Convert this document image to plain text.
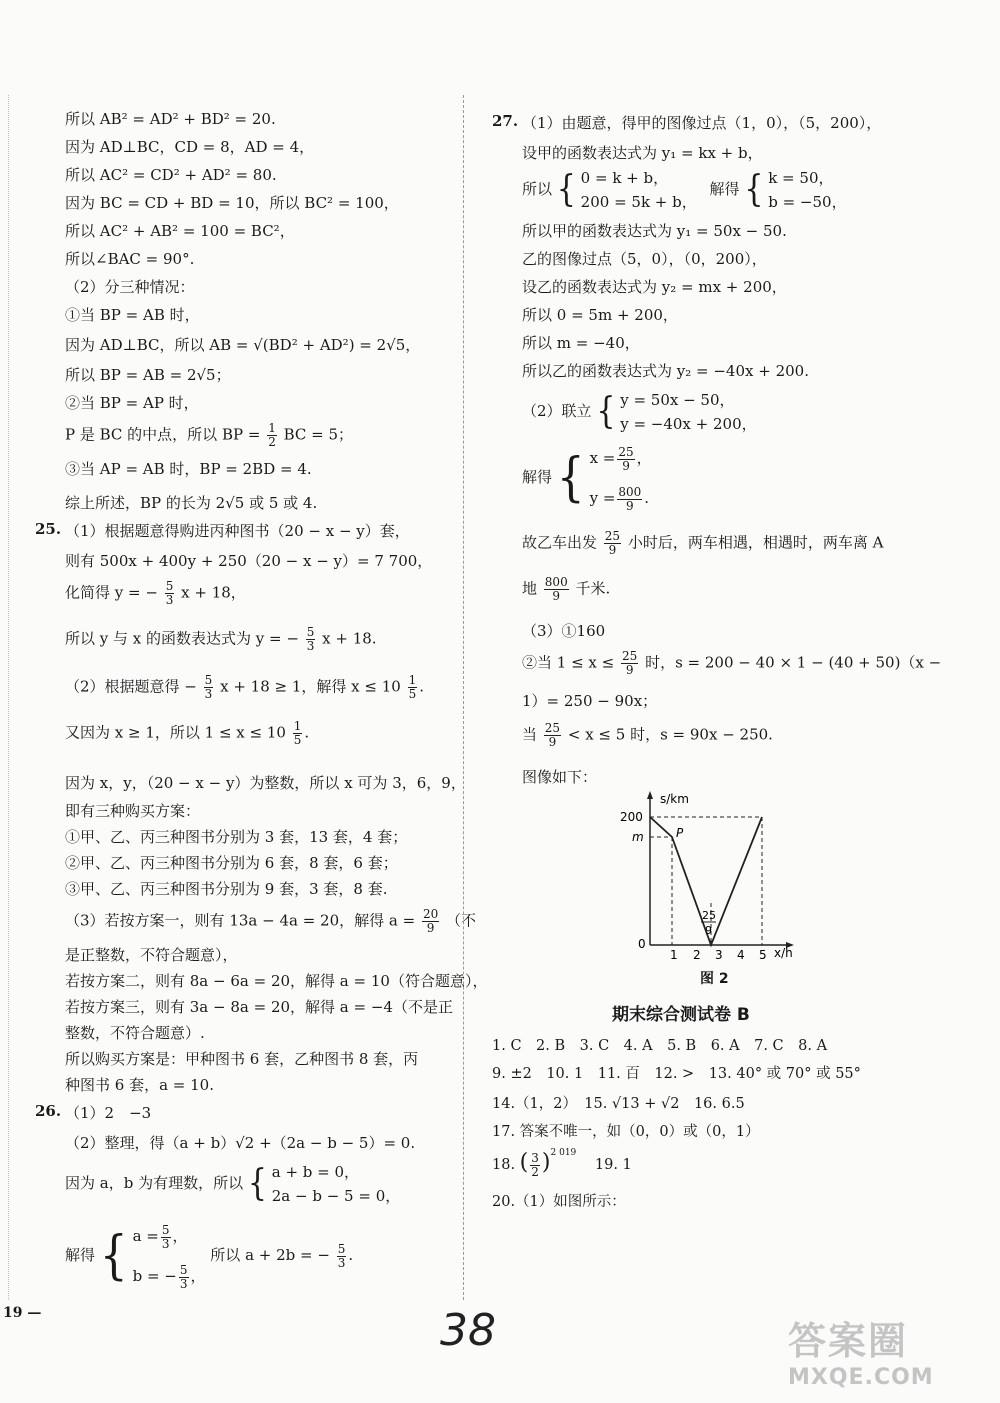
所以 AB² = AD² + BD² = 20.
因为 AD⊥BC，CD = 8，AD = 4，
所以 AC² = CD² + AD² = 80.
因为 BC = CD + BD = 10，所以 BC² = 100，
所以 AC² + AB² = 100 = BC²，
所以∠BAC = 90°.
（2）分三种情况：
①当 BP = AB 时，
因为 AD⊥BC，所以 AB = √(BD² + AD²) = 2√5，
所以 BP = AB = 2√5；
②当 BP = AP 时，
P 是 BC 的中点，所以 BP = $\frac{1}{2}$ BC = 5；
③当 AP = AB 时，BP = 2BD = 4.
综上所述，BP 的长为 2√5 或 5 或 4.
25. （1）根据题意得购进丙种图书（20 − x − y）套，
则有 500x + 400y + 250（20 − x − y）= 7 700，
化简得 y = − $\frac{5}{3}$ x + 18，
所以 y 与 x 的函数表达式为 y = − $\frac{5}{3}$ x + 18.
（2）根据题意得 − $\frac{5}{3}$ x + 18 ≥ 1，解得 $x \le 10 \frac{1}{5}$ .
又因为 x ≥ 1，所以 $1 \le x \le 10 \frac{1}{5}$ .
因为 x，y，（20 − x − y）为整数，所以 x 可为 3，6，9，
即有三种购买方案：
①甲、乙、丙三种图书分别为 3 套，13 套，4 套；
②甲、乙、丙三种图书分别为 6 套，8 套，6 套；
③甲、乙、丙三种图书分别为 9 套，3 套，8 套.
（3）若按方案一，则有 13a − 4a = 20，解得 $a = \frac{20}{9}$ （不
是正整数，不符合题意），
若按方案二，则有 8a − 6a = 20，解得 a = 10（符合题意），
若按方案三，则有 3a − 8a = 20，解得 a = −4（不是正
整数，不符合题意）.
所以购买方案是：甲种图书 6 套，乙种图书 8 套，丙
种图书 6 套，a = 10.
26. （1）2　−3
（2）整理，得（a + b）√2 +（2a − b − 5）= 0.
因为 a，b 为有理数，所以 { a + b = 0，
2a − b − 5 = 0，
解得 { $a = \frac{5}{3}$ ，
b = − $\frac{5}{3}$ ，
所以 a + 2b = − $\frac{5}{3}$ .
27. （1）由题意，得甲的图像过点（1，0），（5，200），
设甲的函数表达式为 y₁ = kx + b，
所以 { 0 = k + b，
200 = 5k + b，
解得 { k = 50，
b = −50，
所以甲的函数表达式为 y₁ = 50x − 50.
乙的图像过点（5，0），（0，200），
设乙的函数表达式为 y₂ = mx + 200，
所以 0 = 5m + 200，
所以 m = −40，
所以乙的函数表达式为 y₂ = −40x + 200.
（2）联立 { y = 50x − 50，
y = −40x + 200，
解得 { $x = \frac{25}{9}$ ，
$y = \frac{800}{9}$ .
故乙车出发 $\frac{25}{9}$ 小时后，两车相遇，相遇时，两车离 A
地 $\frac{800}{9}$ 千米.
（3）①160
②当 $1 \le x \le \frac{25}{9}$ 时，s = 200 − 40 × 1 − (40 + 50)（x −
1）= 250 − 90x；
当 $\frac{25}{9} < x \le 5$ 时，s = 90x − 250.
图像如下：
s/km
x/h
200
m
0
1 2 3 4 5
P
25
9
图 2
期末综合测试卷 B
1. C　2. B　3. C　4. A　5. B　6. A　7. C　8. A
9. ±2　10. 1　11. 百　12. >　13. 40° 或 70° 或 55°
14.（1，2）　15. √13 + √2　16. 6.5
17. 答案不唯一，如（0，0）或（0，1）
18. ( $\frac{3}{2} )^{2 019}$ 19. 1
20.（1）如图所示：
19 —	38	答案圈
MXQE.COM
